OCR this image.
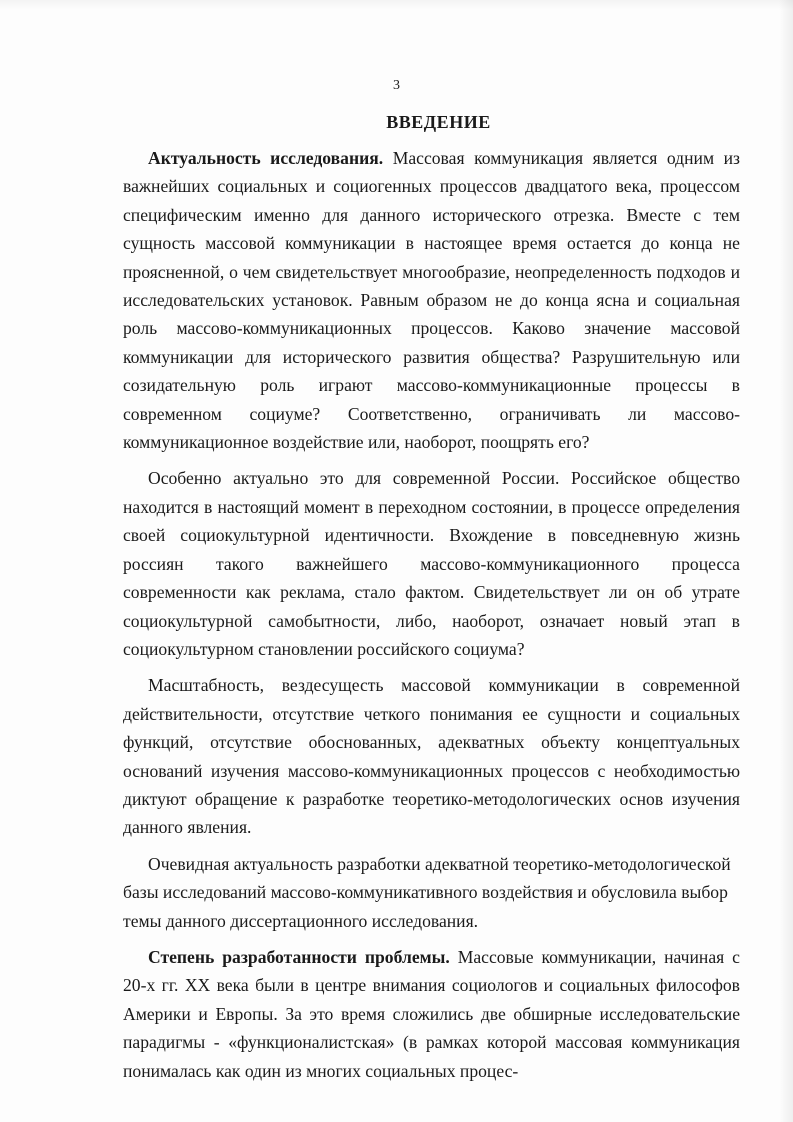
3
ВВЕДЕНИЕ

Актуальность исследования. Массовая коммуникация является одним из важнейших социальных и социогенных процессов двадцатого века, процессом специфическим именно для данного исторического отрезка. Вместе с тем сущность массовой коммуникации в настоящее время остается до конца не проясненной, о чем свидетельствует многообразие, неопределенность подходов и исследовательских установок. Равным образом не до конца ясна и социальная роль массово-коммуникационных процессов. Каково значение массовой коммуникации для исторического развития общества? Разрушительную или созидательную роль играют массово-коммуникационные процессы в современном социуме? Соответственно, ограничивать ли массово-коммуникационное воздействие или, наоборот, поощрять его?

Особенно актуально это для современной России. Российское общество находится в настоящий момент в переходном состоянии, в процессе определения своей социокультурной идентичности. Вхождение в повседневную жизнь россиян такого важнейшего массово-коммуникационного процесса современности как реклама, стало фактом. Свидетельствует ли он об утрате социокультурной самобытности, либо, наоборот, означает новый этап в социокультурном становлении российского социума?

Масштабность, вездесущесть массовой коммуникации в современной действительности, отсутствие четкого понимания ее сущности и социальных функций, отсутствие обоснованных, адекватных объекту концептуальных оснований изучения массово-коммуникационных процессов с необходимостью диктуют обращение к разработке теоретико-методологических основ изучения данного явления.

Очевидная актуальность разработки адекватной теоретико-методологической базы исследований массово-коммуникативного воздействия и обусловила выбор темы данного диссертационного исследования.

Степень разработанности проблемы. Массовые коммуникации, начиная с 20-х гг. XX века были в центре внимания социологов и социальных философов Америки и Европы. За это время сложились две обширные исследовательские парадигмы - «функционалистская» (в рамках которой массовая коммуникация понималась как один из многих социальных процес-
